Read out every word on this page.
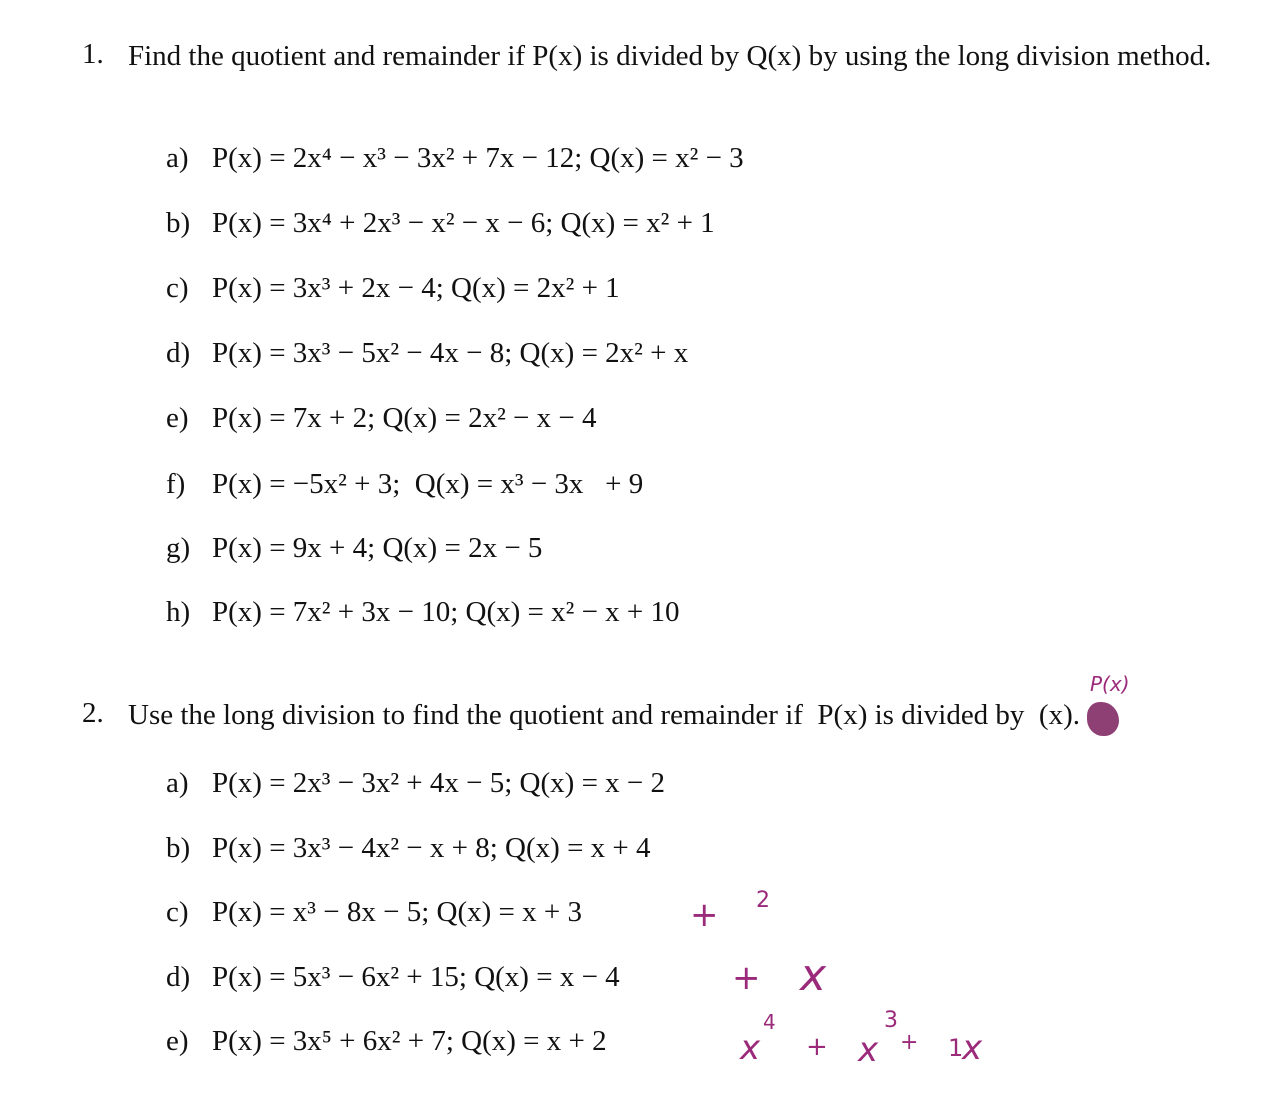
1. Find the quotient and remainder if P(x) is divided by Q(x) by using the long division method.
a) P(x) = 2x⁴ − x³ − 3x² + 7x − 12; Q(x) = x² − 3
b) P(x) = 3x⁴ + 2x³ − x² − x − 6; Q(x) = x² + 1
c) P(x) = 3x³ + 2x − 4; Q(x) = 2x² + 1
d) P(x) = 3x³ − 5x² − 4x − 8; Q(x) = 2x² + x
e) P(x) = 7x + 2; Q(x) = 2x² − x − 4
f) P(x) = −5x² + 3;  Q(x) = x³ − 3x   + 9
g) P(x) = 9x + 4; Q(x) = 2x − 5
h) P(x) = 7x² + 3x − 10; Q(x) = x² − x + 10
2. Use the long division to find the quotient and remainder if  P(x) is divided by  (x).
a) P(x) = 2x³ − 3x² + 4x − 5; Q(x) = x − 2
b) P(x) = 3x³ − 4x² − x + 8; Q(x) = x + 4
c) P(x) = x³ − 8x − 5; Q(x) = x + 3
d) P(x) = 5x³ − 6x² + 15; Q(x) = x − 4
e) P(x) = 3x⁵ + 6x² + 7; Q(x) = x + 2
P(x)
+ 2
+ x
x
4
+ x
3
+ 1
x
